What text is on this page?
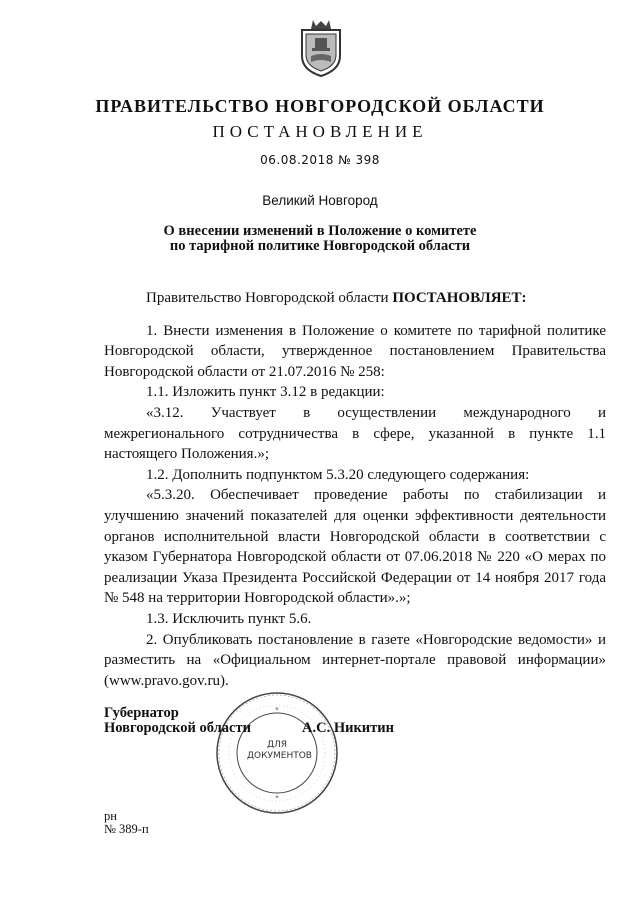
ПРАВИТЕЛЬСТВО НОВГОРОДСКОЙ ОБЛАСТИ
ПОСТАНОВЛЕНИЕ
06.08.2018 № 398
Великий Новгород
О внесении изменений в Положение о комитете
по тарифной политике Новгородской области

Правительство Новгородской области ПОСТАНОВЛЯЕТ:

1. Внести изменения в Положение о комитете по тарифной политике Новгородской области, утвержденное постановлением Правительства Новгородской области от 21.07.2016 № 258:

1.1. Изложить пункт 3.12 в редакции:

«3.12. Участвует в осуществлении международного и межрегионального сотрудничества в сфере, указанной в пункте 1.1 настоящего Положения.»;

1.2. Дополнить подпунктом 5.3.20 следующего содержания:

«5.3.20. Обеспечивает проведение работы по стабилизации и улучшению значений показателей для оценки эффективности деятельности органов исполнительной власти Новгородской области в соответствии с указом Губернатора Новгородской области от 07.06.2018 № 220 «О мерах по реализации Указа Президента Российской Федерации от 14 ноября 2017 года № 548 на территории Новгородской области».»;

1.3. Исключить пункт 5.6.

2. Опубликовать постановление в газете «Новгородские ведомости» и разместить на «Официальном интернет-портале правовой информации» (www.pravo.gov.ru).

*
*
ДЛЯ
ДОКУМЕНТОВ
Губернатор
Новгородской области	А.С. Никитин
рн
№ 389-п
